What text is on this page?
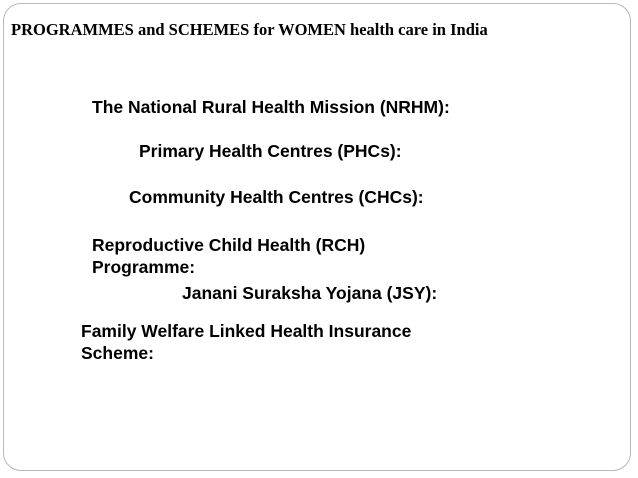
PROGRAMMES and SCHEMES for WOMEN health care in India
The National Rural Health Mission (NRHM):
Primary Health Centres (PHCs):
Community Health Centres (CHCs):
Reproductive Child Health (RCH)
Programme:
Janani Suraksha Yojana (JSY):
Family Welfare Linked Health Insurance
Scheme:
